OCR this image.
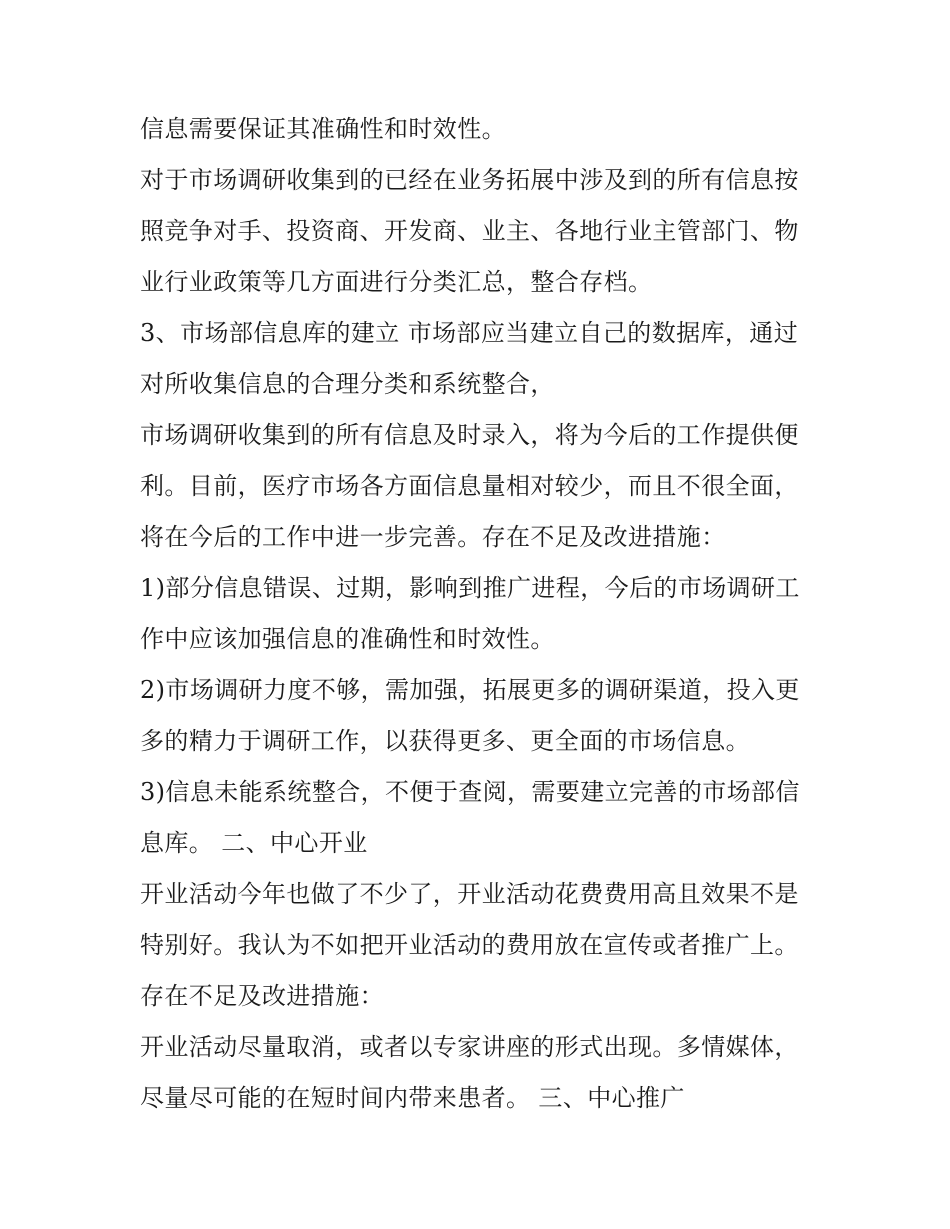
信息需要保证其准确性和时效性。
对于市场调研收集到的已经在业务拓展中涉及到的所有信息按
照竞争对手、投资商、开发商、业主、各地行业主管部门、物
业行业政策等几方面进行分类汇总，整合存档。
3、市场部信息库的建立 市场部应当建立自己的数据库，通过
对所收集信息的合理分类和系统整合，
市场调研收集到的所有信息及时录入，将为今后的工作提供便
利。目前，医疗市场各方面信息量相对较少，而且不很全面，
将在今后的工作中进一步完善。存在不足及改进措施：
1)部分信息错误、过期，影响到推广进程，今后的市场调研工
作中应该加强信息的准确性和时效性。
2)市场调研力度不够，需加强，拓展更多的调研渠道，投入更
多的精力于调研工作，以获得更多、更全面的市场信息。
3)信息未能系统整合，不便于查阅，需要建立完善的市场部信
息库。 二、中心开业
开业活动今年也做了不少了，开业活动花费费用高且效果不是
特别好。我认为不如把开业活动的费用放在宣传或者推广上。
存在不足及改进措施：
开业活动尽量取消，或者以专家讲座的形式出现。多情媒体，
尽量尽可能的在短时间内带来患者。 三、中心推广
